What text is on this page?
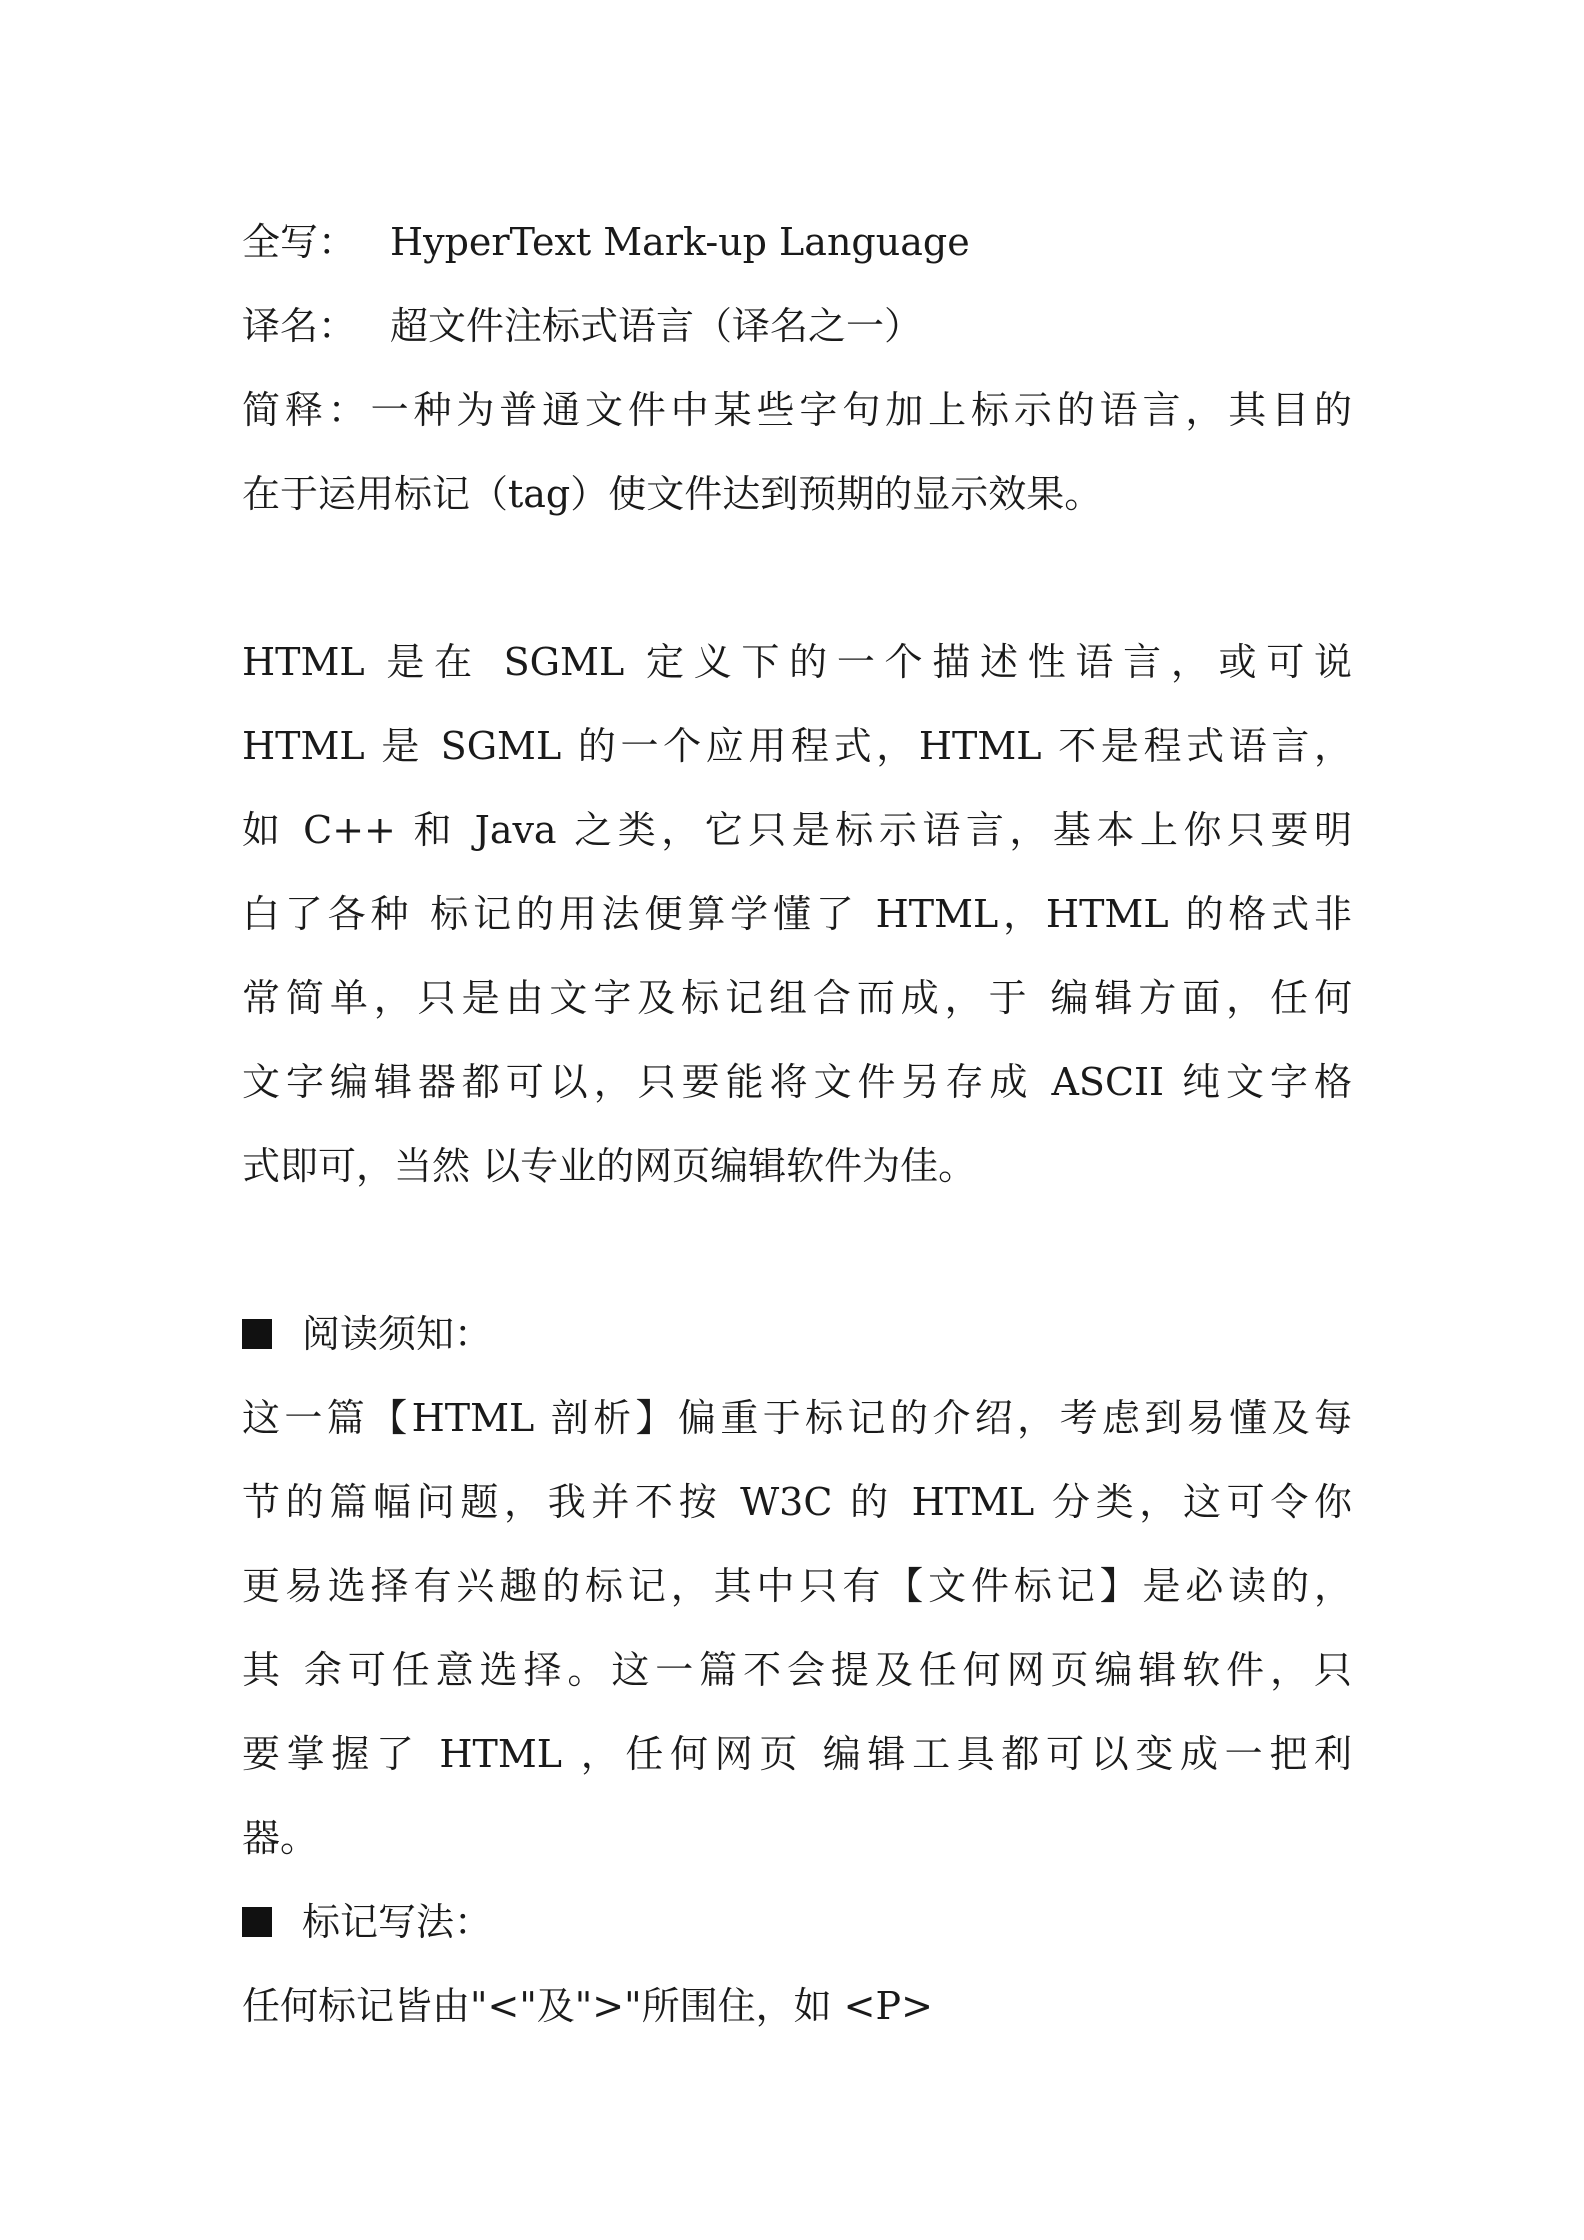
全写： HyperText Mark-up Language

译名： 超文件注标式语言（译名之一）

简释：一种为普通文件中某些字句加上标示的语言，其目的

在于运用标记（tag）使文件达到预期的显示效果。

HTML 是在 SGML 定义下的一个描述性语言，或可说

HTML 是 SGML 的一个应用程式，HTML 不是程式语言，

如 C++ 和 Java 之类，它只是标示语言，基本上你只要明

白了各种 标记的用法便算学懂了 HTML，HTML 的格式非

常简单，只是由文字及标记组合而成，于 编辑方面，任何

文字编辑器都可以，只要能将文件另存成 ASCII 纯文字格

式即可，当然 以专业的网页编辑软件为佳。

阅读须知：

这一篇【HTML 剖析】偏重于标记的介绍，考虑到易懂及每

节的篇幅问题，我并不按 W3C 的 HTML 分类，这可令你

更易选择有兴趣的标记，其中只有【文件标记】是必读的，

其 余可任意选择。这一篇不会提及任何网页编辑软件，只

要掌握了 HTML ，任何网页 编辑工具都可以变成一把利

器。

标记写法：

任何标记皆由"<"及">"所围住，如 <P>
